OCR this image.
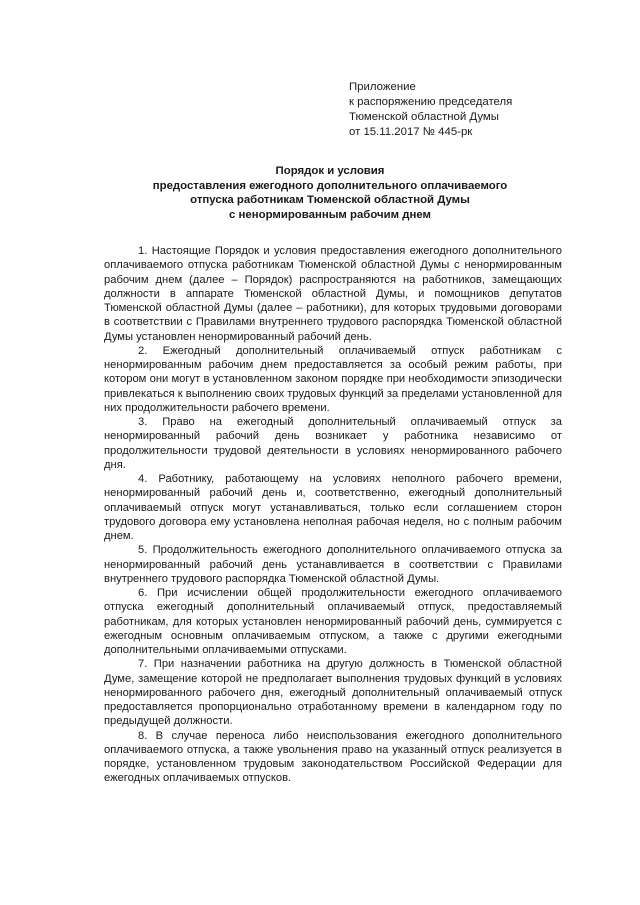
Приложение
к распоряжению председателя
Тюменской областной Думы
от 15.11.2017 № 445-рк
Порядок и условия
предоставления ежегодного дополнительного оплачиваемого
отпуска работникам Тюменской областной Думы
с ненормированным рабочим днем

1. Настоящие Порядок и условия предоставления ежегодного дополнительного оплачиваемого отпуска работникам Тюменской областной Думы с ненормированным рабочим днем (далее – Порядок) распространяются на работников, замещающих должности в аппарате Тюменской областной Думы, и помощников депутатов Тюменской областной Думы (далее – работники), для которых трудовыми договорами в соответствии с Правилами внутреннего трудового распорядка Тюменской областной Думы установлен ненормированный рабочий день.

2. Ежегодный дополнительный оплачиваемый отпуск работникам с ненормированным рабочим днем предоставляется за особый режим работы, при котором они могут в установленном законом порядке при необходимости эпизодически привлекаться к выполнению своих трудовых функций за пределами установленной для них продолжительности рабочего времени.

3. Право на ежегодный дополнительный оплачиваемый отпуск за ненормированный рабочий день возникает у работника независимо от продолжительности трудовой деятельности в условиях ненормированного рабочего дня.

4. Работнику, работающему на условиях неполного рабочего времени, ненормированный рабочий день и, соответственно, ежегодный дополнительный оплачиваемый отпуск могут устанавливаться, только если соглашением сторон трудового договора ему установлена неполная рабочая неделя, но с полным рабочим днем.

5. Продолжительность ежегодного дополнительного оплачиваемого отпуска за ненормированный рабочий день устанавливается в соответствии с Правилами внутреннего трудового распорядка Тюменской областной Думы.

6. При исчислении общей продолжительности ежегодного оплачиваемого отпуска ежегодный дополнительный оплачиваемый отпуск, предоставляемый работникам, для которых установлен ненормированный рабочий день, суммируется с ежегодным основным оплачиваемым отпуском, а также с другими ежегодными дополнительными оплачиваемыми отпусками.

7. При назначении работника на другую должность в Тюменской областной Думе, замещение которой не предполагает выполнения трудовых функций в условиях ненормированного рабочего дня, ежегодный дополнительный оплачиваемый отпуск предоставляется пропорционально отработанному времени в календарном году по предыдущей должности.

8. В случае переноса либо неиспользования ежегодного дополнительного оплачиваемого отпуска, а также увольнения право на указанный отпуск реализуется в порядке, установленном трудовым законодательством Российской Федерации для ежегодных оплачиваемых отпусков.
